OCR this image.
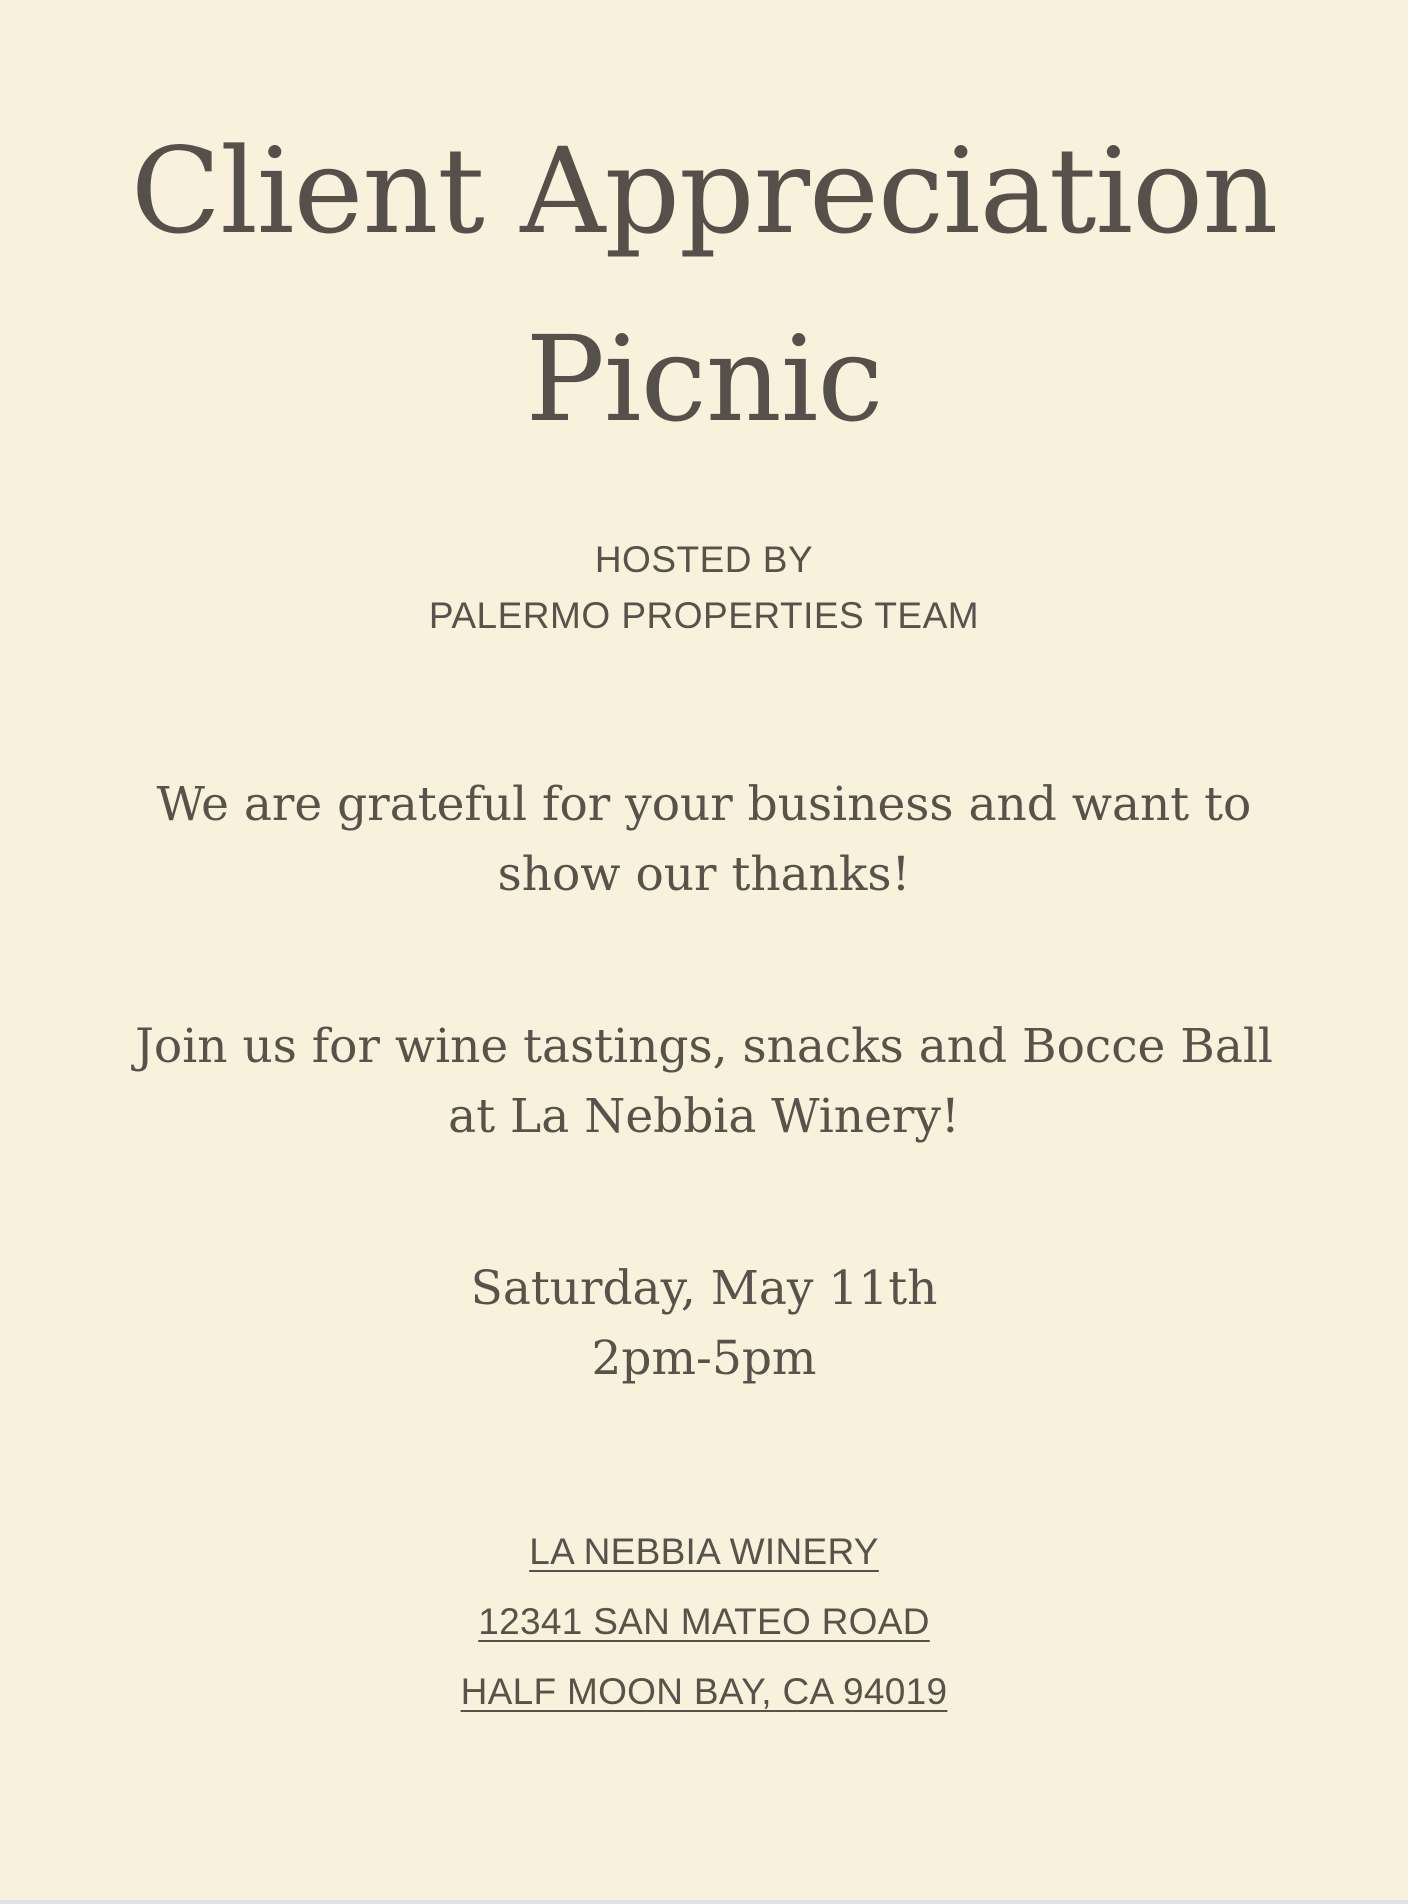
Client Appreciation
Picnic
HOSTED BY
PALERMO PROPERTIES TEAM
We are grateful for your business and want to
show our thanks!
Join us for wine tastings, snacks and Bocce Ball
at La Nebbia Winery!
Saturday, May 11th
2pm-5pm
LA NEBBIA WINERY
12341 SAN MATEO ROAD
HALF MOON BAY, CA 94019
